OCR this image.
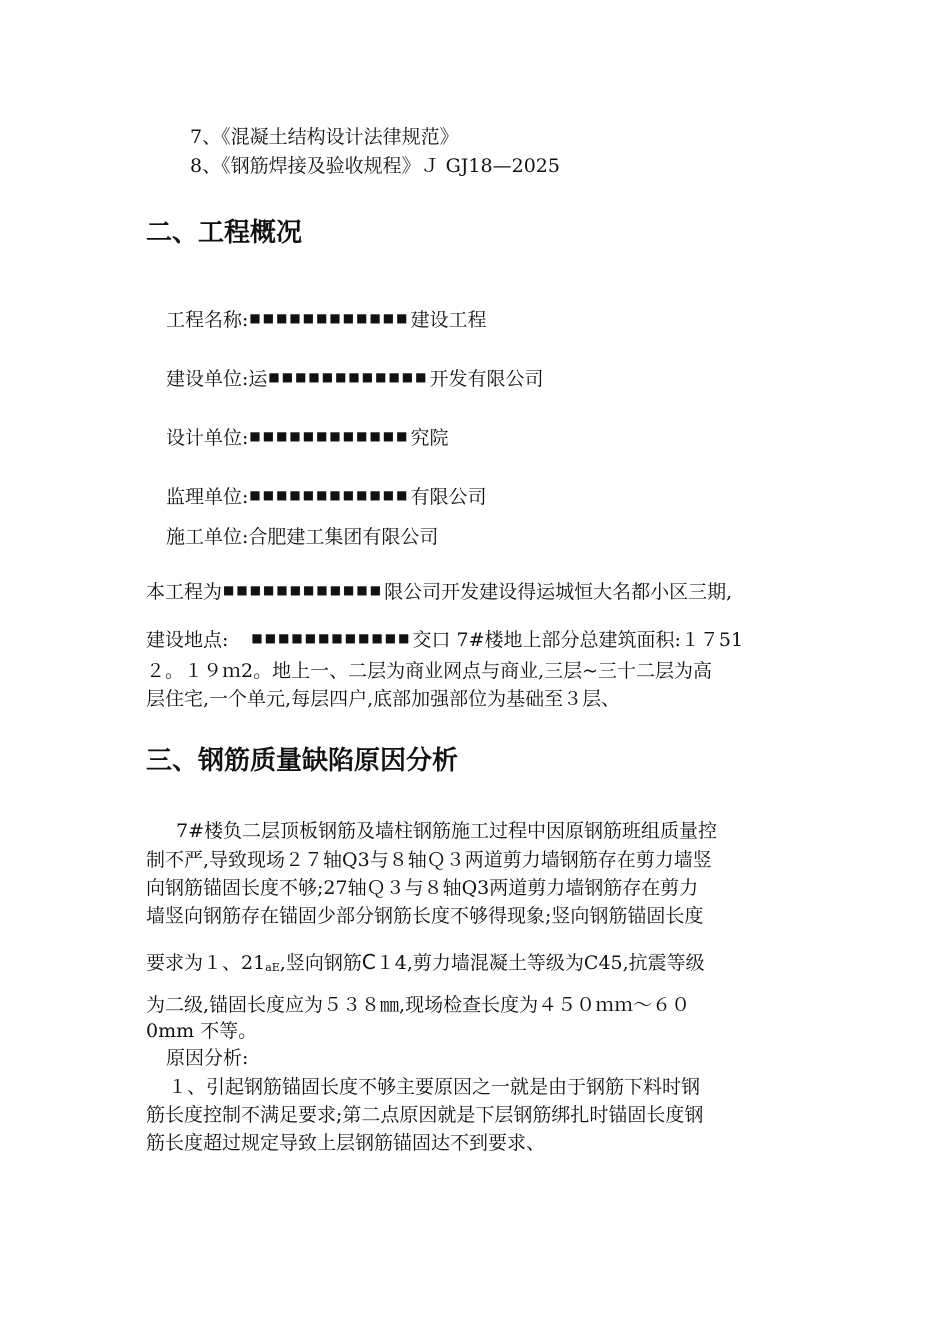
7、《混凝土结构设计法律规范》
8、《钢筋焊接及验收规程》Ｊ GJ18—2025
二、工程概况
工程名称:■■■■■■■■■■■■建设工程
建设单位:运■■■■■■■■■■■■开发有限公司
设计单位:■■■■■■■■■■■■究院
监理单位:■■■■■■■■■■■■有限公司
施工单位:合肥建工集团有限公司
本工程为■■■■■■■■■■■■限公司开发建设得运城恒大名都小区三期,
建设地点: ■■■■■■■■■■■■交口 7#楼地上部分总建筑面积:１７51
２。１９ｍ2。地上一、二层为商业网点与商业,三层~三十二层为高
层住宅,一个单元,每层四户,底部加强部位为基础至３层、
三、钢筋质量缺陷原因分析
7#楼负二层顶板钢筋及墙柱钢筋施工过程中因原钢筋班组质量控
制不严,导致现场２７轴Q3与８轴Ｑ３两道剪力墙钢筋存在剪力墙竖
向钢筋锚固长度不够;27轴Ｑ３与８轴Q3两道剪力墙钢筋存在剪力
墙竖向钢筋存在锚固少部分钢筋长度不够得现象;竖向钢筋锚固长度
要求为１、21aE,竖向钢筋C１4,剪力墙混凝土等级为C45,抗震等级
为二级,锚固长度应为５３８㎜,现场检查长度为４５０ｍｍ～６０
0mm 不等。
原因分析:
１、引起钢筋锚固长度不够主要原因之一就是由于钢筋下料时钢
筋长度控制不满足要求;第二点原因就是下层钢筋绑扎时锚固长度钢
筋长度超过规定导致上层钢筋锚固达不到要求、
